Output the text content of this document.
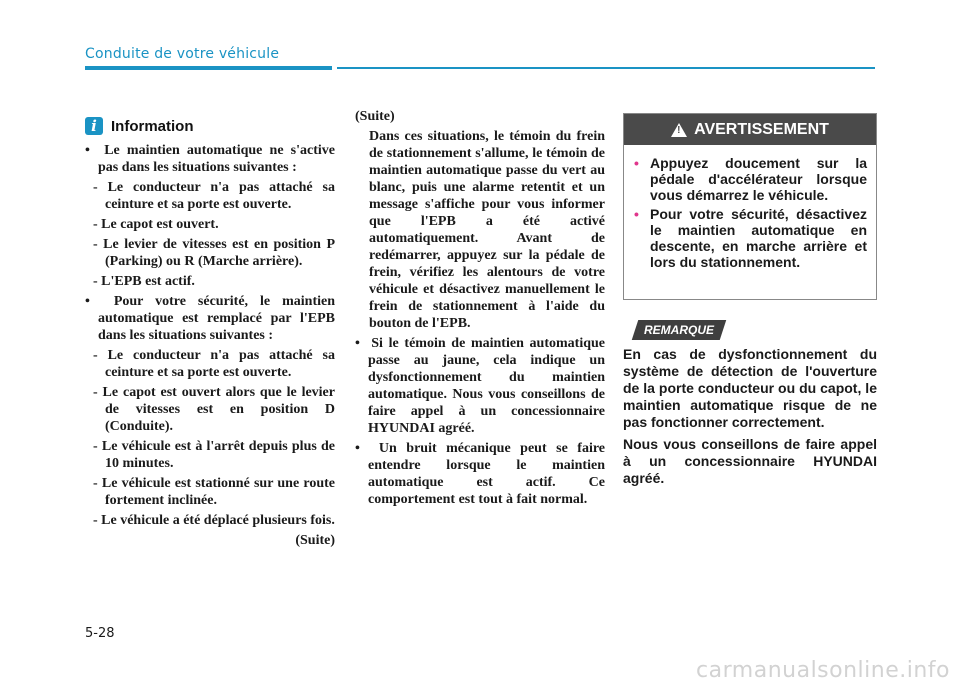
Conduite de votre véhicule
i Information

•  Le maintien automatique ne s'active pas dans les situations suivantes :

- Le conducteur n'a pas attaché sa ceinture et sa porte est ouverte.

- Le capot est ouvert.

- Le levier de vitesses est en position P (Parking) ou R (Marche arrière).

- L'EPB est actif.

•  Pour votre sécurité, le maintien automatique est remplacé par l'EPB dans les situations suivantes :

- Le conducteur n'a pas attaché sa ceinture et sa porte est ouverte.

- Le capot est ouvert alors que le levier de vitesses est en position D (Conduite).

- Le véhicule est à l'arrêt depuis plus de 10 minutes.

- Le véhicule est stationné sur une route fortement inclinée.

- Le véhicule a été déplacé plusieurs fois.

(Suite)

(Suite)

Dans ces situations, le témoin du frein de stationnement s'allume, le témoin de maintien automatique passe du vert au blanc, puis une alarme retentit et un message s'affiche pour vous informer que l'EPB a été activé automatiquement. Avant de redémarrer, appuyez sur la pédale de frein, vérifiez les alentours de votre véhicule et désactivez manuellement le frein de stationnement à l'aide du bouton de l'EPB.

•  Si le témoin de maintien automatique passe au jaune, cela indique un dysfonctionnement du maintien automatique. Nous vous conseillons de faire appel à un concessionnaire HYUNDAI agréé.

•  Un bruit mécanique peut se faire entendre lorsque le maintien automatique est actif. Ce comportement est tout à fait normal.

! AVERTISSEMENT
• Appuyez doucement sur la pédale d'accélérateur lorsque vous démarrez le véhicule.
• Pour votre sécurité, désactivez le maintien automatique en descente, en marche arrière et lors du stationnement.
REMARQUE

En cas de dysfonctionnement du système de détection de l'ouverture de la porte conducteur ou du capot, le maintien automatique risque de ne pas fonctionner correctement.

Nous vous conseillons de faire appel à un concessionnaire HYUNDAI agréé.

5-28
carmanualsonline.info
